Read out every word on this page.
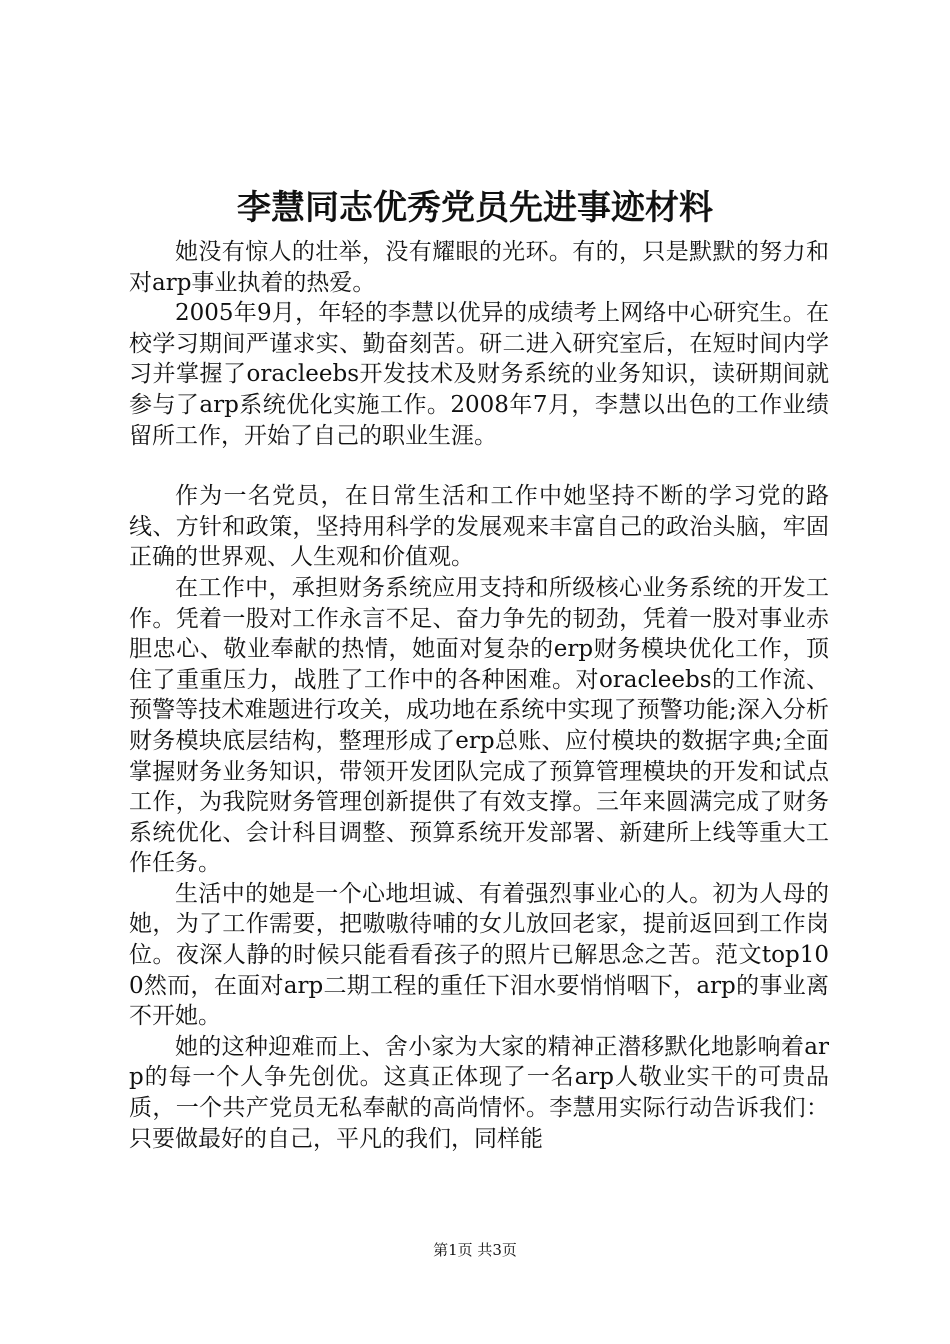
李慧同志优秀党员先进事迹材料

她没有惊人的壮举，没有耀眼的光环。有的，只是默默的努力和对arp事业执着的热爱。

2005年9月，年轻的李慧以优异的成绩考上网络中心研究生。在校学习期间严谨求实、勤奋刻苦。研二进入研究室后，在短时间内学习并掌握了oracleebs开发技术及财务系统的业务知识，读研期间就参与了arp系统优化实施工作。2008年7月，李慧以出色的工作业绩留所工作，开始了自己的职业生涯。

作为一名党员，在日常生活和工作中她坚持不断的学习党的路线、方针和政策，坚持用科学的发展观来丰富自己的政治头脑，牢固正确的世界观、人生观和价值观。

在工作中，承担财务系统应用支持和所级核心业务系统的开发工作。凭着一股对工作永言不足、奋力争先的韧劲，凭着一股对事业赤胆忠心、敬业奉献的热情，她面对复杂的erp财务模块优化工作，顶住了重重压力，战胜了工作中的各种困难。对oracleebs的工作流、预警等技术难题进行攻关，成功地在系统中实现了预警功能;深入分析财务模块底层结构，整理形成了erp总账、应付模块的数据字典;全面掌握财务业务知识，带领开发团队完成了预算管理模块的开发和试点工作，为我院财务管理创新提供了有效支撑。三年来圆满完成了财务系统优化、会计科目调整、预算系统开发部署、新建所上线等重大工作任务。

生活中的她是一个心地坦诚、有着强烈事业心的人。初为人母的她，为了工作需要，把嗷嗷待哺的女儿放回老家，提前返回到工作岗位。夜深人静的时候只能看看孩子的照片已解思念之苦。范文top100然而，在面对arp二期工程的重任下泪水要悄悄咽下，arp的事业离不开她。

她的这种迎难而上、舍小家为大家的精神正潜移默化地影响着arp的每一个人争先创优。这真正体现了一名arp人敬业实干的可贵品质，一个共产党员无私奉献的高尚情怀。李慧用实际行动告诉我们：只要做最好的自己，平凡的我们，同样能

第1页 共3页
